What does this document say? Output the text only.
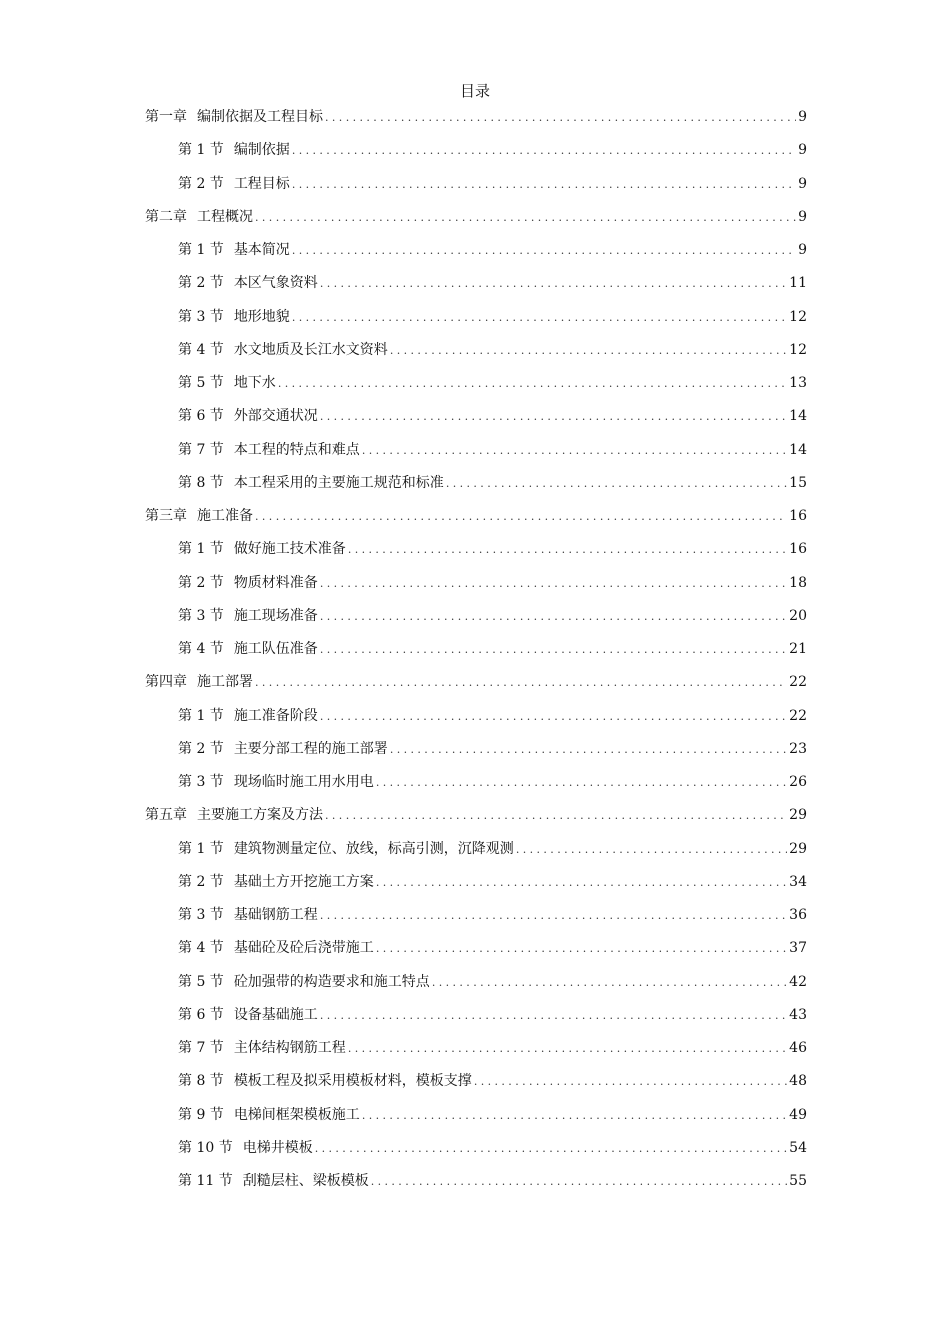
目录
第一章 编制依据及工程目标 .....	9
第 1 节 编制依据 .....	9
第 2 节 工程目标 .....	9
第二章 工程概况 .....	9
第 1 节 基本简况 .....	9
第 2 节 本区气象资料 .....	11
第 3 节 地形地貌 .....	12
第 4 节 水文地质及长江水文资料 .....	12
第 5 节 地下水 .....	13
第 6 节 外部交通状况 .....	14
第 7 节 本工程的特点和难点 .....	14
第 8 节 本工程采用的主要施工规范和标准 .....	15
第三章 施工准备 .....	16
第 1 节 做好施工技术准备 .....	16
第 2 节 物质材料准备 .....	18
第 3 节 施工现场准备 .....	20
第 4 节 施工队伍准备 .....	21
第四章 施工部署 .....	22
第 1 节 施工准备阶段 .....	22
第 2 节 主要分部工程的施工部署 .....	23
第 3 节 现场临时施工用水用电 .....	26
第五章 主要施工方案及方法 .....	29
第 1 节 建筑物测量定位、放线，标高引测，沉降观测 .....	29
第 2 节 基础土方开挖施工方案 .....	34
第 3 节 基础钢筋工程 .....	36
第 4 节 基础砼及砼后浇带施工 .....	37
第 5 节 砼加强带的构造要求和施工特点 .....	42
第 6 节 设备基础施工 .....	43
第 7 节 主体结构钢筋工程 .....	46
第 8 节 模板工程及拟采用模板材料，模板支撑 .....	48
第 9 节 电梯间框架模板施工 .....	49
第 10 节 电梯井模板 .....	54
第 11 节 刮糙层柱、梁板模板 .....	55
